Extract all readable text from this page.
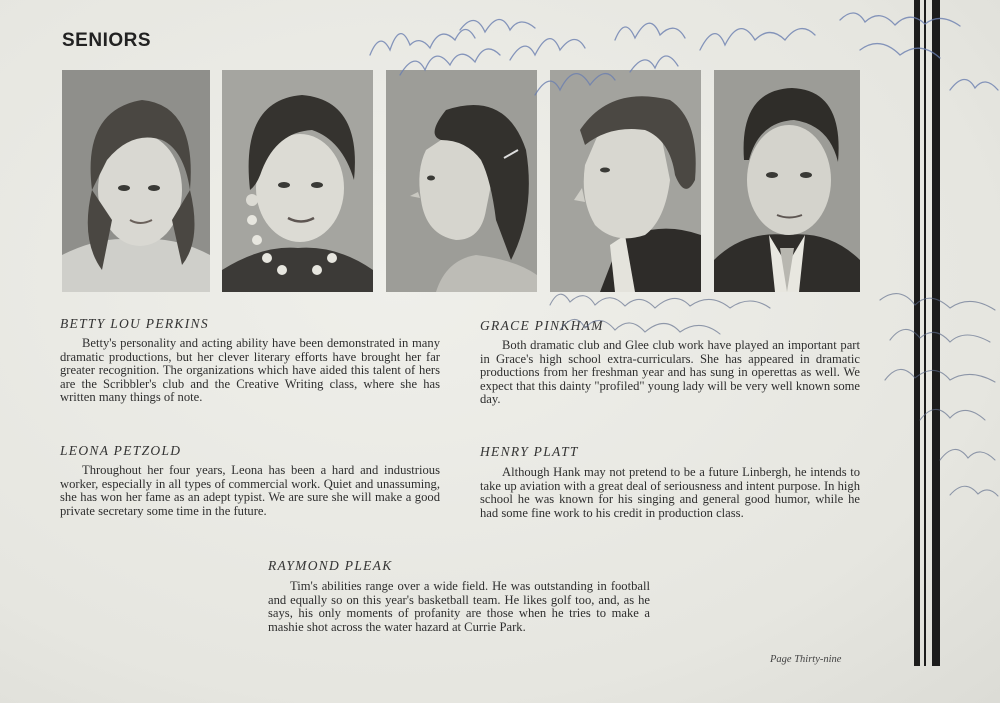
SENIORS
BETTY LOU PERKINS

Betty's personality and acting ability have been demonstrated in many dramatic productions, but her clever literary efforts have brought her far greater recognition. The organizations which have aided this talent of hers are the Scribbler's club and the Creative Writing class, where she has written many things of note.

GRACE PINKHAM

Both dramatic club and Glee club work have played an important part in Grace's high school extra-curriculars. She has appeared in dramatic productions from her freshman year and has sung in operettas as well. We expect that this dainty "profiled" young lady will be very well known some day.

LEONA PETZOLD

Throughout her four years, Leona has been a hard and industrious worker, especially in all types of commercial work. Quiet and unassuming, she has won her fame as an adept typist. We are sure she will make a good private secretary some time in the future.

HENRY PLATT

Although Hank may not pretend to be a future Linbergh, he intends to take up aviation with a great deal of seriousness and intent purpose. In high school he was known for his singing and general good humor, while he had some fine work to his credit in production class.

RAYMOND PLEAK

Tim's abilities range over a wide field. He was outstanding in football and equally so on this year's basketball team. He likes golf too, and, as he says, his only moments of profanity are those when he tries to make a mashie shot across the water hazard at Currie Park.

Page Thirty-nine
